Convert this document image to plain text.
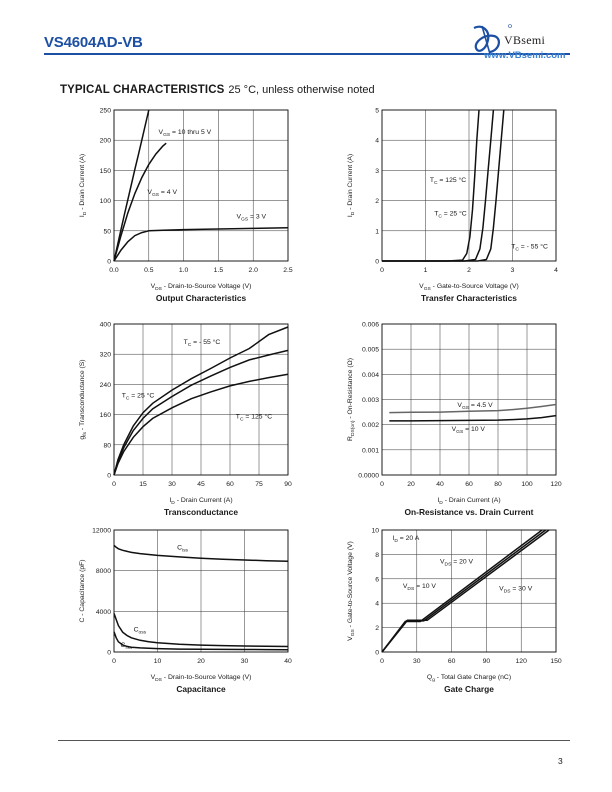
VS4604AD-VB	VBsemi
www.VBsemi.com
TYPICAL CHARACTERISTICS 25 °C, unless otherwise noted
0.0	0.5	1.0	1.5	2.0	2.5
0
50
100
150
200
250
$V_{GS} = 10$ thru 5 V
$V_{GS} = 4$ V
$V_{GS} = 3$ V
$V_{DS}$ - Drain-to-Source Voltage (V)
$I_D$ - Drain Current (A)
Output Characteristics
0	1	2	3	4
0
1
2
3
4
5
$T_C = 125$ °C
$T_C = 25$ °C
$T_C$ = - 55 °C
$V_{GS}$ - Gate-to-Source Voltage (V)
$I_D$ - Drain Current (A)
Transfer Characteristics
0	15	30	45	60	75	90
0
80
160
240
320
400
$T_C$ = - 55 °C
$T_C = 25$ °C
$T_C = 125$ °C
$I_D$ - Drain Current (A)
$g_{fs}$ - Transconductance (S)
Transconductance
0	20	40	60	80	100	120
0.0000
0.001
0.002
0.003
0.004
0.005
0.006
$V_{GS} = 4.5$ V
$V_{GS} = 10$ V
$I_D$ - Drain Current (A)
$R_{DS(on)}$ - On-Resistance (Ω)
On-Resistance vs. Drain Current
0	10	20	30	40
0
4000
8000
12000
$C_{iss}$
$C_{oss}$
$C_{rss}$
$V_{DS}$ - Drain-to-Source Voltage (V)
C - Capacitance (pF)
Capacitance
0	30	60	90	120	150
0
2
4
6
8
10
$I_D = 20$ A
$V_{DS} = 20$ V
$V_{DS} = 10$ V	$V_{DS} = 30$ V
$Q_g$ - Total Gate Charge (nC)
$V_{GS}$ - Gate-to-Source Voltage (V)
Gate Charge
3
